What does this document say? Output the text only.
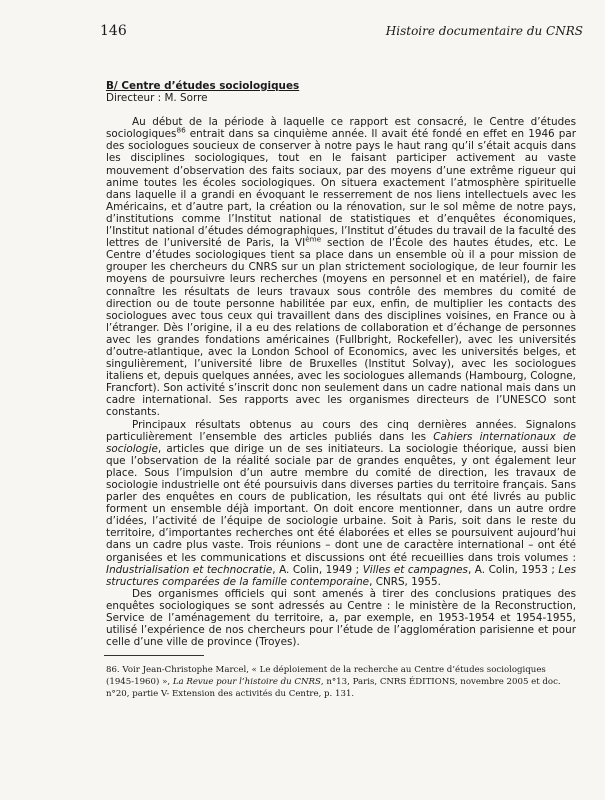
146	Histoire documentaire du CNRS

B/ Centre d’études sociologiques

Directeur : M. Sorre

Au début de la période à laquelle ce rapport est consacré, le Centre d’études sociologiques$^{86}$ entrait dans sa cinquième année. Il avait été fondé en effet en 1946 par des sociologues soucieux de conserver à notre pays le haut rang qu’il s’était acquis dans les disciplines sociologiques, tout en le faisant participer activement au vaste mouvement d’observation des faits sociaux, par des moyens d’une extrême rigueur qui anime toutes les écoles sociologiques. On situera exactement l’atmosphère spirituelle dans laquelle il a grandi en évoquant le resserrement de nos liens intellectuels avec les Américains, et d’autre part, la création ou la rénovation, sur le sol même de notre pays, d’institutions comme l’Institut national de statistiques et d’enquêtes économiques, l’Institut national d’études démographiques, l’Institut d’études du travail de la faculté des lettres de l’université de Paris, la VIème section de l’École des hautes études, etc. Le Centre d’études sociologiques tient sa place dans un ensemble où il a pour mission de grouper les chercheurs du CNRS sur un plan strictement sociologique, de leur fournir les moyens de poursuivre leurs recherches (moyens en personnel et en matériel), de faire connaître les résultats de leurs travaux sous contrôle des membres du comité de direction ou de toute personne habilitée par eux, enfin, de multiplier les contacts des sociologues avec tous ceux qui travaillent dans des disciplines voisines, en France ou à l’étranger. Dès l’origine, il a eu des relations de collaboration et d’échange de personnes avec les grandes fondations américaines (Fullbright, Rockefeller), avec les universités d’outre-atlantique, avec la London School of Economics, avec les universités belges, et singulièrement, l’université libre de Bruxelles (Institut Solvay), avec les sociologues italiens et, depuis quelques années, avec les sociologues allemands (Hambourg, Cologne, Francfort). Son activité s’inscrit donc non seulement dans un cadre national mais dans un cadre international. Ses rapports avec les organismes directeurs de l’UNESCO sont constants.

Principaux résultats obtenus au cours des cinq dernières années. Signalons particulièrement l’ensemble des articles publiés dans les Cahiers internationaux de sociologie, articles que dirige un de ses initiateurs. La sociologie théorique, aussi bien que l’observation de la réalité sociale par de grandes enquêtes, y ont également leur place. Sous l’impulsion d’un autre membre du comité de direction, les travaux de sociologie industrielle ont été poursuivis dans diverses parties du territoire français. Sans parler des enquêtes en cours de publication, les résultats qui ont été livrés au public forment un ensemble déjà important. On doit encore mentionner, dans un autre ordre d’idées, l’activité de l’équipe de sociologie urbaine. Soit à Paris, soit dans le reste du territoire, d’importantes recherches ont été élaborées et elles se poursuivent aujourd’hui dans un cadre plus vaste. Trois réunions – dont une de caractère international – ont été organisées et les communications et discussions ont été recueillies dans trois volumes : Industrialisation et technocratie, A. Colin, 1949 ; Villes et campagnes, A. Colin, 1953 ; Les structures comparées de la famille contemporaine, CNRS, 1955.

Des organismes officiels qui sont amenés à tirer des conclusions pratiques des enquêtes sociologiques se sont adressés au Centre : le ministère de la Reconstruction, Service de l’aménagement du territoire, a, par exemple, en 1953-1954 et 1954-1955, utilisé l’expérience de nos chercheurs pour l’étude de l’agglomération parisienne et pour celle d’une ville de province (Troyes).

86. Voir Jean-Christophe Marcel, « Le déploiement de la recherche au Centre d’études sociologiques (1945-1960) », La Revue pour l’histoire du CNRS, n°13, Paris, CNRS ÉDITIONS, novembre 2005 et doc. n°20, partie V- Extension des activités du Centre, p. 131.
